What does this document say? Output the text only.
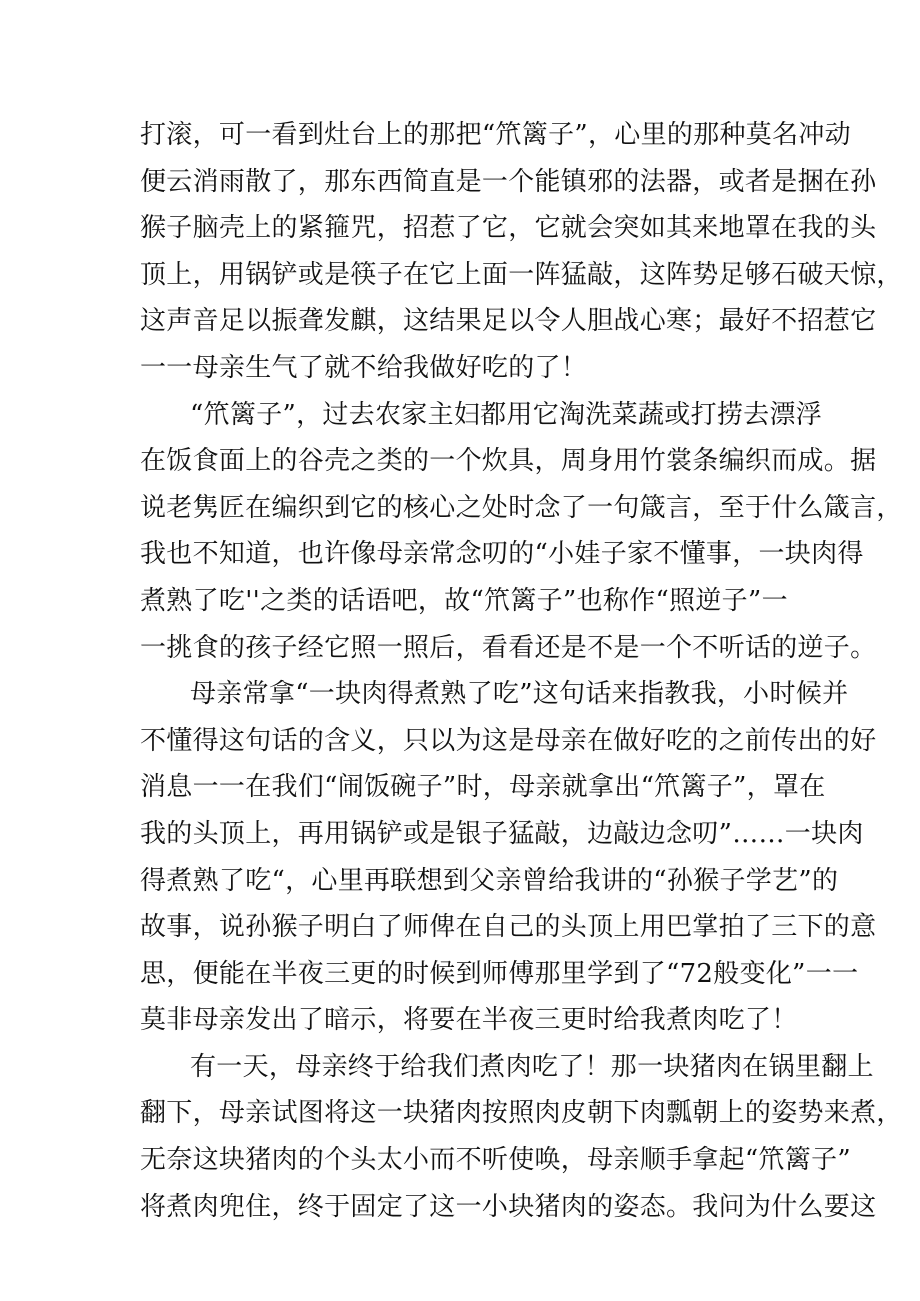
打滚，可一看到灶台上的那把“笊篱子”，心里的那种莫名冲动
便云消雨散了，那东西简直是一个能镇邪的法器，或者是捆在孙
猴子脑壳上的紧箍咒，招惹了它，它就会突如其来地罩在我的头
顶上，用锅铲或是筷子在它上面一阵猛敲，这阵势足够石破天惊，
这声音足以振聋发麒，这结果足以令人胆战心寒；最好不招惹它
一一母亲生气了就不给我做好吃的了！
“笊篱子”，过去农家主妇都用它淘洗菜蔬或打捞去漂浮
在饭食面上的谷壳之类的一个炊具，周身用竹裳条编织而成。据
说老隽匠在编织到它的核心之处时念了一句箴言，至于什么箴言，
我也不知道，也许像母亲常念叨的“小娃子家不懂事，一块肉得
煮熟了吃''之类的话语吧，故“笊篱子”也称作“照逆子”一
一挑食的孩子经它照一照后，看看还是不是一个不听话的逆子。
母亲常拿“一块肉得煮熟了吃”这句话来指教我，小时候并
不懂得这句话的含义，只以为这是母亲在做好吃的之前传出的好
消息一一在我们“闹饭碗子”时，母亲就拿出“笊篱子”，罩在
我的头顶上，再用锅铲或是银子猛敲，边敲边念叨”……一块肉
得煮熟了吃“，心里再联想到父亲曾给我讲的“孙猴子学艺”的
故事，说孙猴子明白了师俾在自己的头顶上用巴掌拍了三下的意
思，便能在半夜三更的时候到师傅那里学到了“72般变化”一一
莫非母亲发出了暗示，将要在半夜三更时给我煮肉吃了！
有一天，母亲终于给我们煮肉吃了！那一块猪肉在锅里翻上
翻下，母亲试图将这一块猪肉按照肉皮朝下肉瓢朝上的姿势来煮，
无奈这块猪肉的个头太小而不听使唤，母亲顺手拿起“笊篱子”
将煮肉兜住，终于固定了这一小块猪肉的姿态。我问为什么要这
